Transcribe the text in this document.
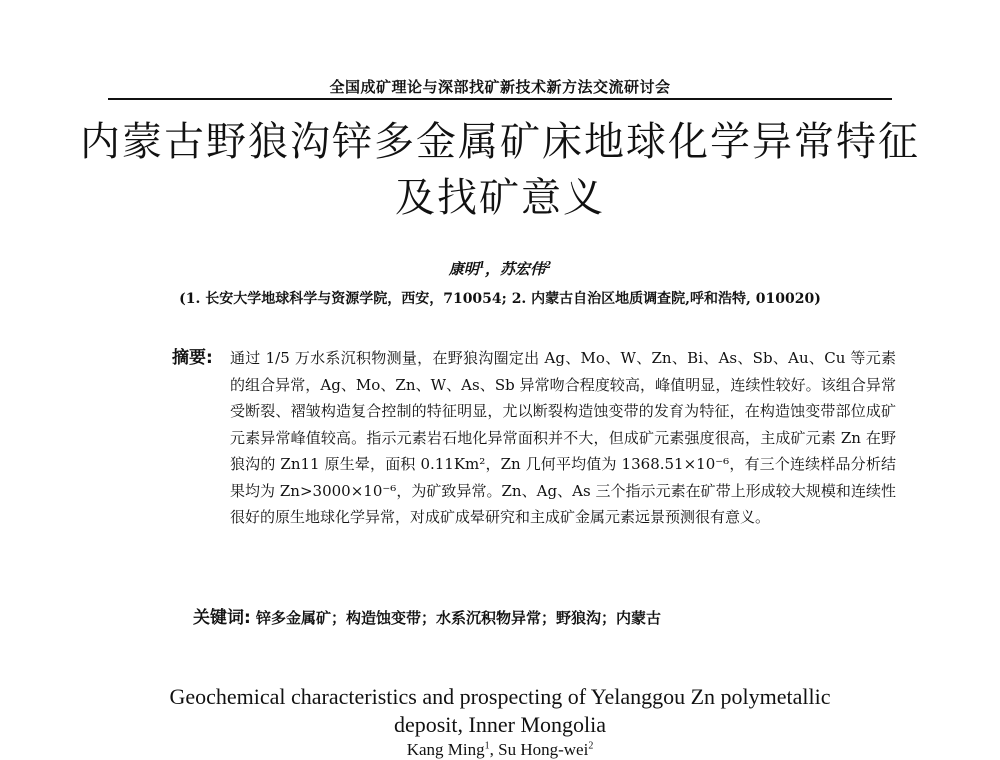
全国成矿理论与深部找矿新技术新方法交流研讨会
内蒙古野狼沟锌多金属矿床地球化学异常特征
及找矿意义
康明$^1$，苏宏伟$^2$
(1. 长安大学地球科学与资源学院，西安，710054; 2. 内蒙古自治区地质调查院,呼和浩特, 010020)
摘要: 通过 1/5 万水系沉积物测量，在野狼沟圈定出 Ag、Mo、W、Zn、Bi、As、Sb、Au、Cu 等元素的组合异常，Ag、Mo、Zn、W、As、Sb 异常吻合程度较高，峰值明显，连续性较好。该组合异常受断裂、褶皱构造复合控制的特征明显，尤以断裂构造蚀变带的发育为特征，在构造蚀变带部位成矿元素异常峰值较高。指示元素岩石地化异常面积并不大，但成矿元素强度很高，主成矿元素 Zn 在野狼沟的 Zn11 原生晕，面积 0.11Km²，Zn 几何平均值为 1368.51×10⁻⁶，有三个连续样品分析结果均为 Zn>3000×10⁻⁶，为矿致异常。Zn、Ag、As 三个指示元素在矿带上形成较大规模和连续性很好的原生地球化学异常，对成矿成晕研究和主成矿金属元素远景预测很有意义。
关键词: 锌多金属矿；构造蚀变带；水系沉积物异常；野狼沟；内蒙古
Geochemical characteristics and prospecting of Yelanggou Zn polymetallic
deposit, Inner Mongolia
Kang Ming$^1$, Su Hong-wei$^2$
